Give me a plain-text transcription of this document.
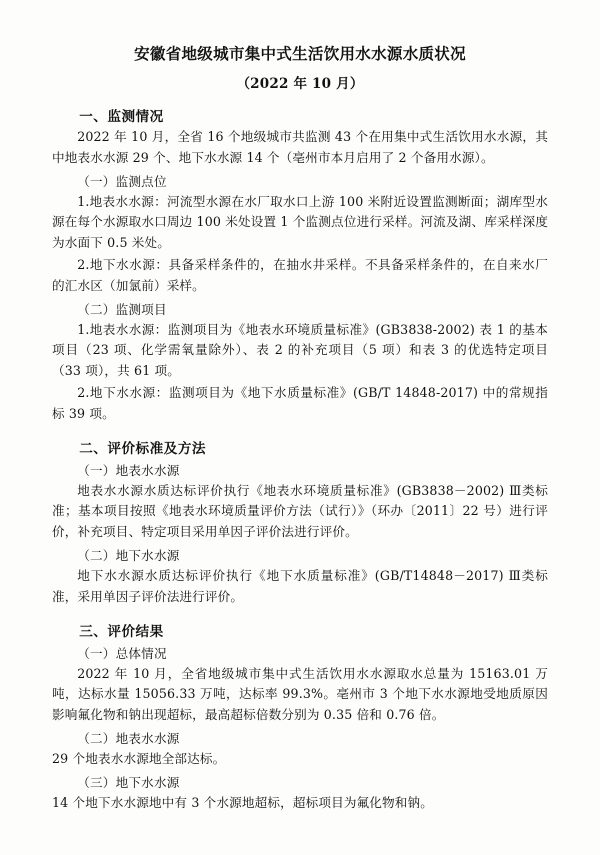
安徽省地级城市集中式生活饮用水水源水质状况
（2022 年 10 月）
一、监测情况

2022 年 10 月，全省 16 个地级城市共监测 43 个在用集中式生活饮用水水源，其中地表水水源 29 个、地下水水源 14 个（亳州市本月启用了 2 个备用水源）。

（一）监测点位

1.地表水水源：河流型水源在水厂取水口上游 100 米附近设置监测断面；湖库型水源在每个水源取水口周边 100 米处设置 1 个监测点位进行采样。河流及湖、库采样深度为水面下 0.5 米处。

2.地下水水源：具备采样条件的，在抽水井采样。不具备采样条件的，在自来水厂的汇水区（加氯前）采样。

（二）监测项目

1.地表水水源：监测项目为《地表水环境质量标准》(GB3838-2002) 表 1 的基本项目（23 项、化学需氧量除外）、表 2 的补充项目（5 项）和表 3 的优选特定项目（33 项），共 61 项。

2.地下水水源：监测项目为《地下水质量标准》(GB/T 14848-2017) 中的常规指标 39 项。

二、评价标准及方法
（一）地表水水源

地表水水源水质达标评价执行《地表水环境质量标准》(GB3838－2002) Ⅲ类标准；基本项目按照《地表水环境质量评价方法（试行）》（环办〔2011〕22 号）进行评价，补充项目、特定项目采用单因子评价法进行评价。

（二）地下水水源

地下水水源水质达标评价执行《地下水质量标准》(GB/T14848－2017) Ⅲ类标准，采用单因子评价法进行评价。

三、评价结果
（一）总体情况

2022 年 10 月，全省地级城市集中式生活饮用水水源取水总量为 15163.01 万吨，达标水量 15056.33 万吨，达标率 99.3%。亳州市 3 个地下水水源地受地质原因影响氟化物和钠出现超标，最高超标倍数分别为 0.35 倍和 0.76 倍。

（二）地表水水源

29 个地表水水源地全部达标。

（三）地下水水源

14 个地下水水源地中有 3 个水源地超标，超标项目为氟化物和钠。
